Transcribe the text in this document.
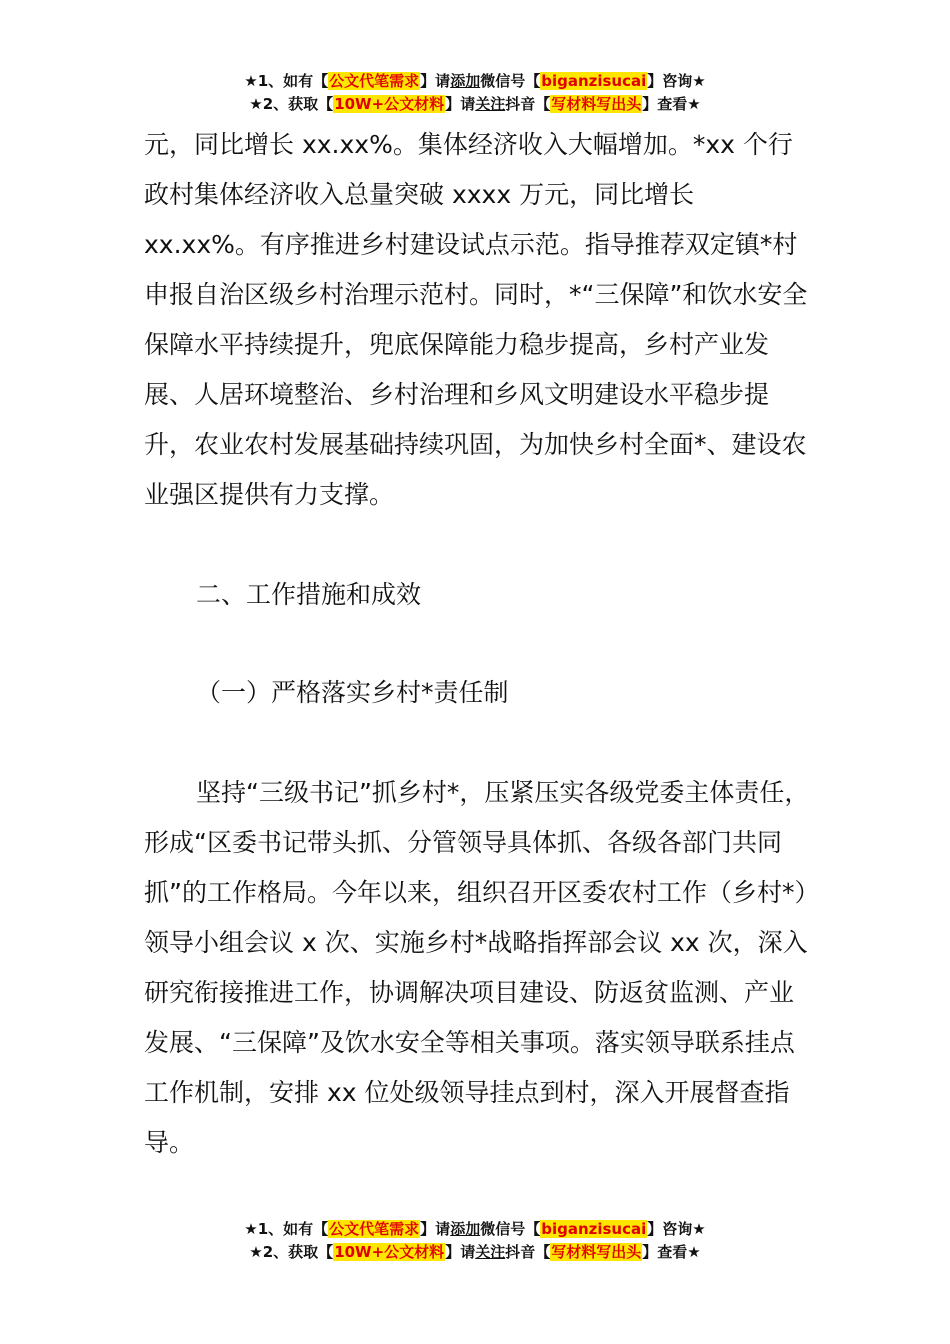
★1、如有【公文代笔需求】请添加微信号【biganzisucai】咨询★
★2、获取【10W+公文材料】请关注抖音【写材料写出头】查看★

元，同比增长 xx.xx%。集体经济收入大幅增加。*xx 个行政村集体经济收入总量突破 xxxx 万元，同比增长 xx.xx%。有序推进乡村建设试点示范。指导推荐双定镇*村申报自治区级乡村治理示范村。同时，*“三保障”和饮水安全保障水平持续提升，兜底保障能力稳步提高，乡村产业发展、人居环境整治、乡村治理和乡风文明建设水平稳步提升，农业农村发展基础持续巩固，为加快乡村全面*、建设农业强区提供有力支撑。

二、工作措施和成效
（一）严格落实乡村*责任制

坚持“三级书记”抓乡村*，压紧压实各级党委主体责任，形成“区委书记带头抓、分管领导具体抓、各级各部门共同抓”的工作格局。今年以来，组织召开区委农村工作（乡村*）领导小组会议 x 次、实施乡村*战略指挥部会议 xx 次，深入研究衔接推进工作，协调解决项目建设、防返贫监测、产业发展、“三保障”及饮水安全等相关事项。落实领导联系挂点工作机制，安排 xx 位处级领导挂点到村，深入开展督查指导。

★1、如有【公文代笔需求】请添加微信号【biganzisucai】咨询★
★2、获取【10W+公文材料】请关注抖音【写材料写出头】查看★
